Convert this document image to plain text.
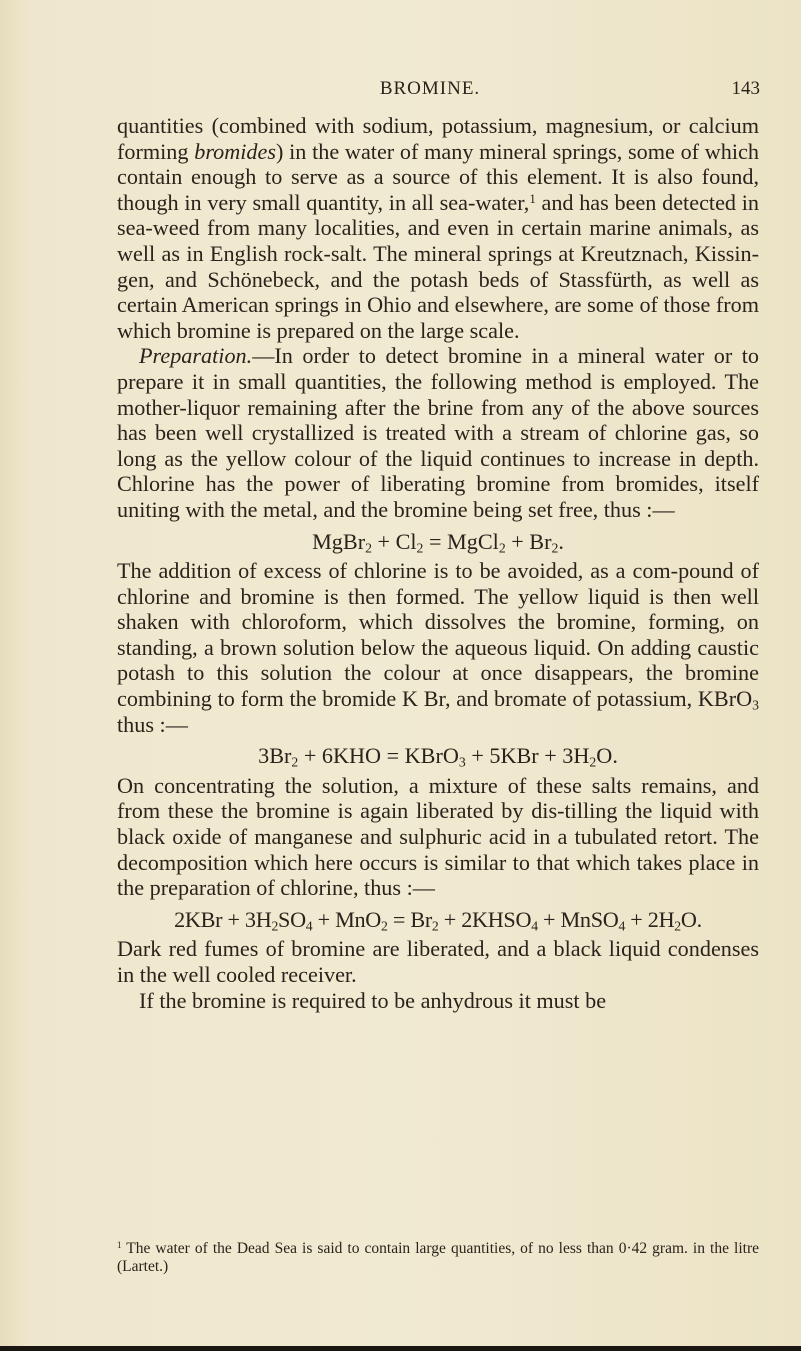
BROMINE.	143

quantities (combined with sodium, potassium, magnesium, or calcium forming bromides) in the water of many mineral springs, some of which contain enough to serve as a source of this element. It is also found, though in very small quantity, in all sea-water,$^1$ and has been detected in sea-weed from many localities, and even in certain marine animals, as well as in English rock-salt. The mineral springs at Kreutznach, Kissin-gen, and Schönebeck, and the potash beds of Stassfürth, as well as certain American springs in Ohio and elsewhere, are some of those from which bromine is prepared on the large scale.

Preparation.—In order to detect bromine in a mineral water or to prepare it in small quantities, the following method is employed. The mother-liquor remaining after the brine from any of the above sources has been well crystallized is treated with a stream of chlorine gas, so long as the yellow colour of the liquid continues to increase in depth. Chlorine has the power of liberating bromine from bromides, itself uniting with the metal, and the bromine being set free, thus :—

MgBr$_2$ + $Cl_2$ = MgCl$_2$ + $Br_2$.

The addition of excess of chlorine is to be avoided, as a com-pound of chlorine and bromine is then formed. The yellow liquid is then well shaken with chloroform, which dissolves the bromine, forming, on standing, a brown solution below the aqueous liquid. On adding caustic potash to this solution the colour at once disappears, the bromine combining to form the bromide K Br, and bromate of potassium, KBrO$_3$ thus :—

$3Br_2 + 6KHO$ = KBrO$_3$ + $5KBr + 3H_2O$.

On concentrating the solution, a mixture of these salts remains, and from these the bromine is again liberated by dis-tilling the liquid with black oxide of manganese and sulphuric acid in a tubulated retort. The decomposition which here occurs is similar to that which takes place in the preparation of chlorine, thus :—

$2KBr + 3H_2SO_4 + MnO_2 = Br_2$ + $2KHSO_4$ + MnSO$_4$ + $2H_2O$.

Dark red fumes of bromine are liberated, and a black liquid condenses in the well cooled receiver.

If the bromine is required to be anhydrous it must be

$^1$ The water of the Dead Sea is said to contain large quantities, of no less than 0·42 gram. in the litre (Lartet.)
